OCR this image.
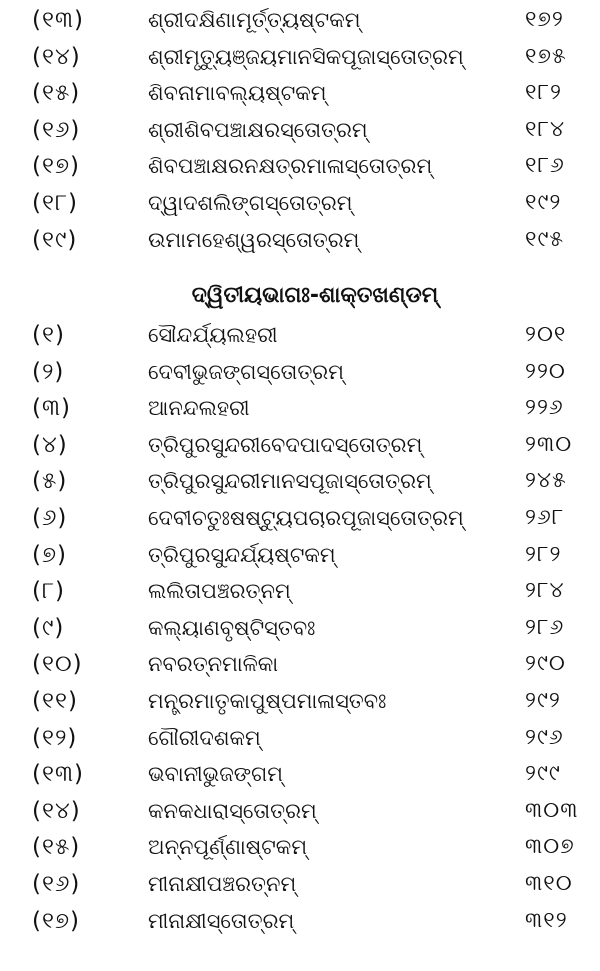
(୧୩)	ଶ୍ରୀଦକ୍ଷିଣାମୂର୍ତ୍ତ୍ୟଷ୍ଟକମ୍	୧୭୨
(୧୪)	ଶ୍ରୀମୃତ୍ୟୁଞ୍ଜୟମାନସିକପୂଜାସ୍ତୋତ୍ରମ୍	୧୭୫
(୧୫)	ଶିବନାମାବଲ୍ୟଷ୍ଟକମ୍	୧୮୨
(୧୬)	ଶ୍ରୀଶିବପଞ୍ଚାକ୍ଷରସ୍ତୋତ୍ରମ୍	୧୮୪
(୧୭)	ଶିବପଞ୍ଚାକ୍ଷରନକ୍ଷତ୍ରମାଳାସ୍ତୋତ୍ରମ୍	୧୮୬
(୧୮)	ଦ୍ୱାଦଶଲିଙ୍ଗସ୍ତୋତ୍ରମ୍	୧୯୨
(୧୯)	ଉମାମହେଶ୍ୱରସ୍ତୋତ୍ରମ୍	୧୯୫
ଦ୍ୱିତୀୟଭାଗଃ-ଶାକ୍ତଖଣ୍ଡମ୍
(୧)	ସୌନ୍ଦର୍ଯ୍ୟଲହରୀ	୨୦୧
(୨)	ଦେବୀଭୁଜଙ୍ଗସ୍ତୋତ୍ରମ୍	୨୨୦
(୩)	ଆନନ୍ଦଲହରୀ	୨୨୬
(୪)	ତ୍ରିପୁରସୁନ୍ଦରୀବେଦପାଦସ୍ତୋତ୍ରମ୍	୨୩୦
(୫)	ତ୍ରିପୁରସୁନ୍ଦରୀମାନସପୂଜାସ୍ତୋତ୍ରମ୍	୨୪୫
(୬)	ଦେବୀଚତୁଃଷଷ୍ଟ୍ୟୁପଚାରପୂଜାସ୍ତୋତ୍ରମ୍	୨୬୮
(୭)	ତ୍ରିପୁରସୁନ୍ଦର୍ଯ୍ୟଷ୍ଟକମ୍	୨୮୨
(୮)	ଲଲିତାପଞ୍ଚରତ୍ନମ୍	୨୮୪
(୯)	କଲ୍ୟାଣବୃଷ୍ଟିସ୍ତବଃ	୨୮୬
(୧୦)	ନବରତ୍ନମାଳିକା	୨୯୦
(୧୧)	ମନ୍ତ୍ରମାତୃକାପୁଷ୍ପମାଳାସ୍ତବଃ	୨୯୨
(୧୨)	ଗୌରୀଦଶକମ୍	୨୯୬
(୧୩)	ଭବାନୀଭୁଜଙ୍ଗମ୍	୨୯୯
(୧୪)	କନକଧାରାସ୍ତୋତ୍ରମ୍	୩୦୩
(୧୫)	ଅନ୍ନପୂର୍ଣ୍ଣାଷ୍ଟକମ୍	୩୦୭
(୧୬)	ମୀନାକ୍ଷୀପଞ୍ଚରତ୍ନମ୍	୩୧୦
(୧୭)	ମୀନାକ୍ଷୀସ୍ତୋତ୍ରମ୍	୩୧୨
